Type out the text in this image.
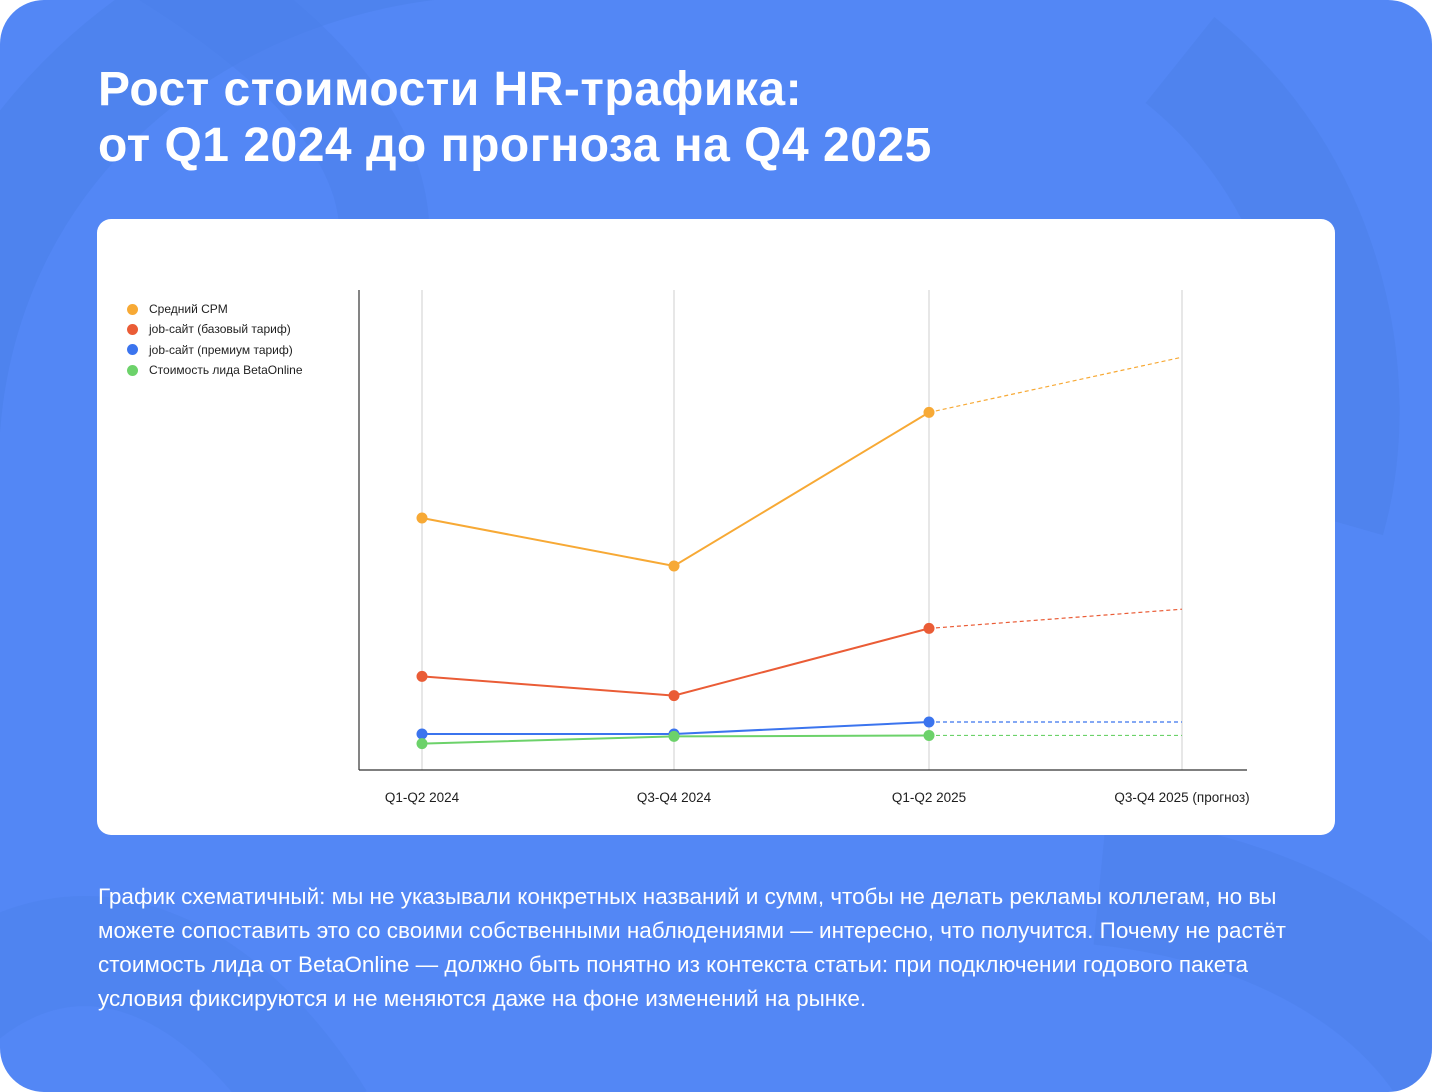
Рост стоимости HR-трафика:
от Q1 2024 до прогноза на Q4 2025
Q1-Q2 2024	Q3-Q4 2024	Q1-Q2 2025	Q3-Q4 2025 (прогноз)
Средний CPM
job-сайт (базовый тариф)
job-сайт (премиум тариф)
Стоимость лида BetaOnline
График схематичный: мы не указывали конкретных названий и сумм, чтобы не делать рекламы коллегам, но вы можете сопоставить это со своими собственными наблюдениями — интересно, что получится. Почему не растёт стоимость лида от BetaOnline — должно быть понятно из контекста статьи: при подключении годового пакета условия фиксируются и не меняются даже на фоне изменений на рынке.
